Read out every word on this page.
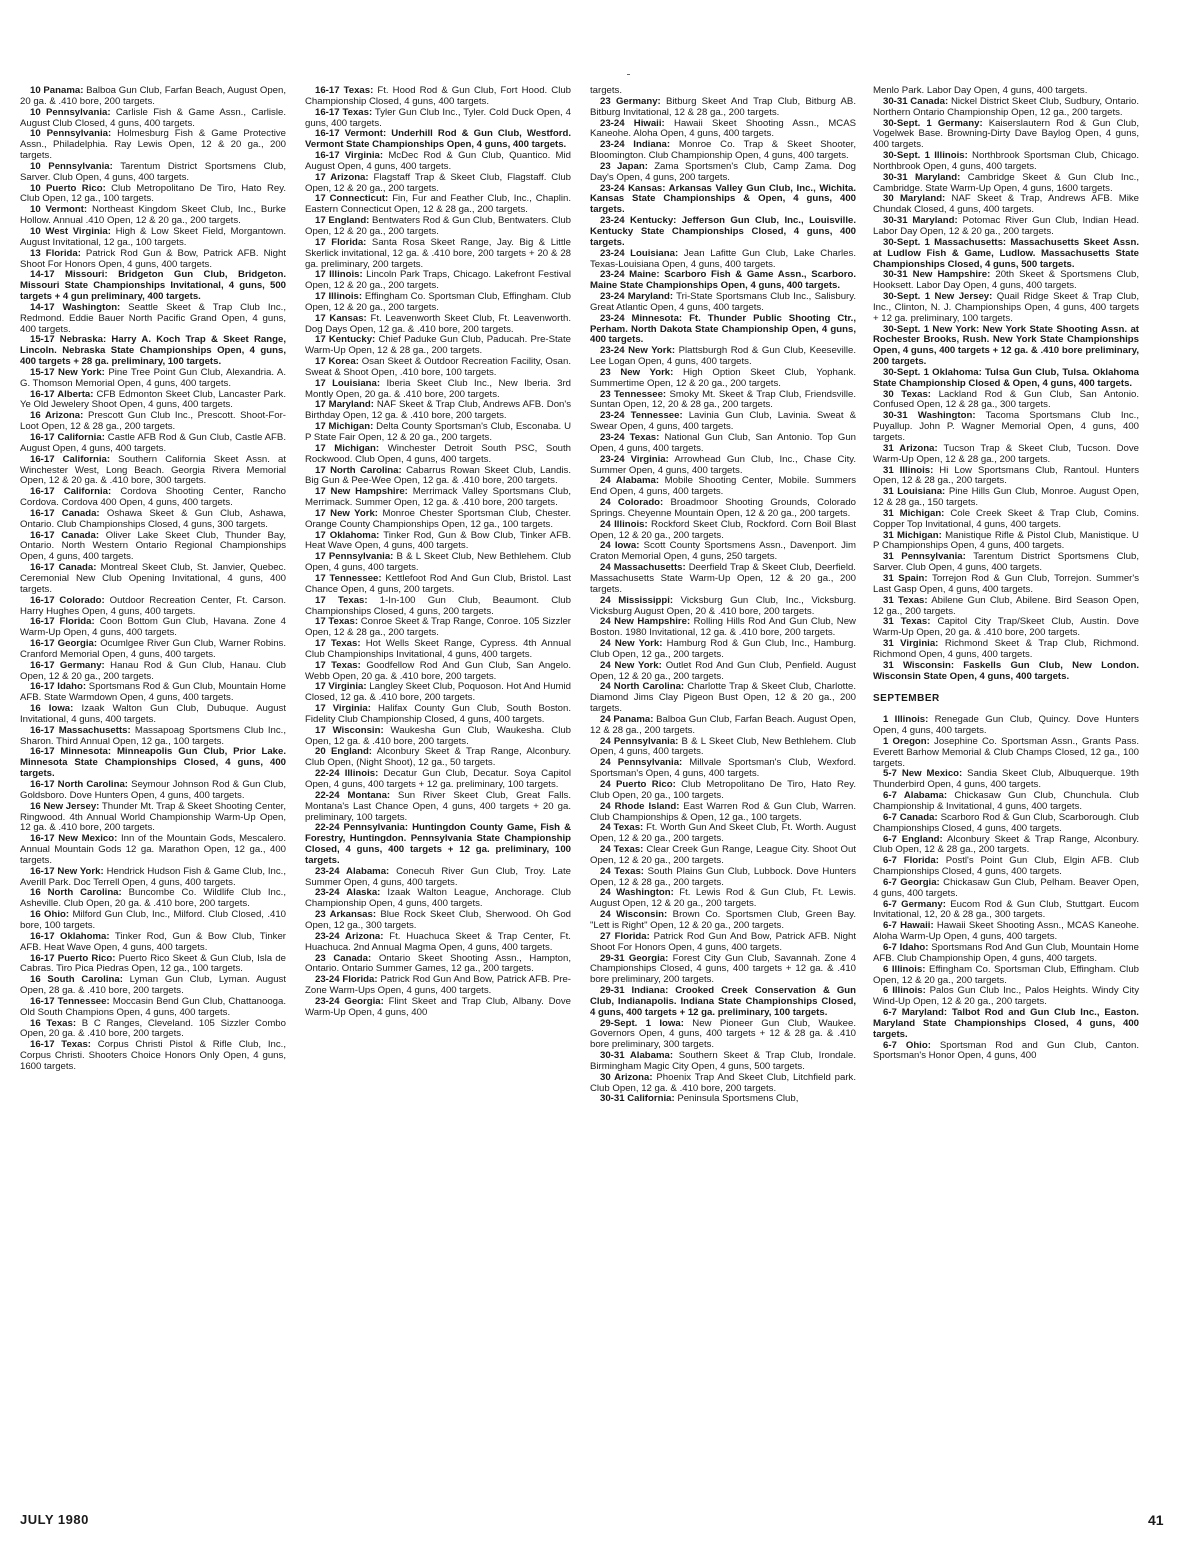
10 Panama: Balboa Gun Club, Farfan Beach, August Open, 20 ga. & .410 bore, 200 targets.

10 Pennsylvania: Carlisle Fish & Game Assn., Carlisle. August Club Closed, 4 guns, 400 targets.

10 Pennsylvania: Holmesburg Fish & Game Protective Assn., Philadelphia. Ray Lewis Open, 12 & 20 ga., 200 targets.

10 Pennsylvania: Tarentum District Sportsmens Club, Sarver. Club Open, 4 guns, 400 targets.

10 Puerto Rico: Club Metropolitano De Tiro, Hato Rey. Club Open, 12 ga., 100 targets.

10 Vermont: Northeast Kingdom Skeet Club, Inc., Burke Hollow. Annual .410 Open, 12 & 20 ga., 200 targets.

10 West Virginia: High & Low Skeet Field, Morgantown. August Invitational, 12 ga., 100 targets.

13 Florida: Patrick Rod Gun & Bow, Patrick AFB. Night Shoot For Honors Open, 4 guns, 400 targets.

14-17 Missouri: Bridgeton Gun Club, Bridgeton. Missouri State Championships Invitational, 4 guns, 500 targets + 4 gun preliminary, 400 targets.

14-17 Washington: Seattle Skeet & Trap Club Inc., Redmond. Eddie Bauer North Pacific Grand Open, 4 guns, 400 targets.

15-17 Nebraska: Harry A. Koch Trap & Skeet Range, Lincoln. Nebraska State Championships Open, 4 guns, 400 targets + 28 ga. preliminary, 100 targets.

15-17 New York: Pine Tree Point Gun Club, Alexandria. A. G. Thomson Memorial Open, 4 guns, 400 targets.

16-17 Alberta: CFB Edmonton Skeet Club, Lancaster Park. Ye Old Jewelery Shoot Open, 4 guns, 400 targets.

16 Arizona: Prescott Gun Club Inc., Prescott. Shoot-For-Loot Open, 12 & 28 ga., 200 targets.

16-17 California: Castle AFB Rod & Gun Club, Castle AFB. August Open, 4 guns, 400 targets.

16-17 California: Southern California Skeet Assn. at Winchester West, Long Beach. Georgia Rivera Memorial Open, 12 & 20 ga. & .410 bore, 300 targets.

16-17 California: Cordova Shooting Center, Rancho Cordova. Cordova 400 Open, 4 guns, 400 targets.

16-17 Canada: Oshawa Skeet & Gun Club, Ashawa, Ontario. Club Championships Closed, 4 guns, 300 targets.

16-17 Canada: Oliver Lake Skeet Club, Thunder Bay, Ontario. North Western Ontario Regional Championships Open, 4 guns, 400 targets.

16-17 Canada: Montreal Skeet Club, St. Janvier, Quebec. Ceremonial New Club Opening Invitational, 4 guns, 400 targets.

16-17 Colorado: Outdoor Recreation Center, Ft. Carson. Harry Hughes Open, 4 guns, 400 targets.

16-17 Florida: Coon Bottom Gun Club, Havana. Zone 4 Warm-Up Open, 4 guns, 400 targets.

16-17 Georgia: Ocumlgee River Gun Club, Warner Robins. Cranford Memorial Open, 4 guns, 400 targets.

16-17 Germany: Hanau Rod & Gun Club, Hanau. Club Open, 12 & 20 ga., 200 targets.

16-17 Idaho: Sportsmans Rod & Gun Club, Mountain Home AFB. State Warmdown Open, 4 guns, 400 targets.

16 Iowa: Izaak Walton Gun Club, Dubuque. August Invitational, 4 guns, 400 targets.

16-17 Massachusetts: Massapoag Sportsmens Club Inc., Sharon. Third Annual Open, 12 ga., 100 targets.

16-17 Minnesota: Minneapolis Gun Club, Prior Lake. Minnesota State Championships Closed, 4 guns, 400 targets.

16-17 North Carolina: Seymour Johnson Rod & Gun Club, Goldsboro. Dove Hunters Open, 4 guns, 400 targets.

16 New Jersey: Thunder Mt. Trap & Skeet Shooting Center, Ringwood. 4th Annual World Championship Warm-Up Open, 12 ga. & .410 bore, 200 targets.

16-17 New Mexico: Inn of the Mountain Gods, Mescalero. Annual Mountain Gods 12 ga. Marathon Open, 12 ga., 400 targets.

16-17 New York: Hendrick Hudson Fish & Game Club, Inc., Averill Park. Doc Terrell Open, 4 guns, 400 targets.

16 North Carolina: Buncombe Co. Wildlife Club Inc., Asheville. Club Open, 20 ga. & .410 bore, 200 targets.

16 Ohio: Milford Gun Club, Inc., Milford. Club Closed, .410 bore, 100 targets.

16-17 Oklahoma: Tinker Rod, Gun & Bow Club, Tinker AFB. Heat Wave Open, 4 guns, 400 targets.

16-17 Puerto Rico: Puerto Rico Skeet & Gun Club, Isla de Cabras. Tiro Pica Piedras Open, 12 ga., 100 targets.

16 South Carolina: Lyman Gun Club, Lyman. August Open, 28 ga. & .410 bore, 200 targets.

16-17 Tennessee: Moccasin Bend Gun Club, Chattanooga. Old South Champions Open, 4 guns, 400 targets.

16 Texas: B C Ranges, Cleveland. 105 Sizzler Combo Open, 20 ga. & .410 bore, 200 targets.

16-17 Texas: Corpus Christi Pistol & Rifle Club, Inc., Corpus Christi. Shooters Choice Honors Only Open, 4 guns, 1600 targets.

16-17 Texas: Ft. Hood Rod & Gun Club, Fort Hood. Club Championship Closed, 4 guns, 400 targets.

16-17 Texas: Tyler Gun Club Inc., Tyler. Cold Duck Open, 4 guns, 400 targets.

16-17 Vermont: Underhill Rod & Gun Club, Westford. Vermont State Championships Open, 4 guns, 400 targets.

16-17 Virginia: McDec Rod & Gun Club, Quantico. Mid August Open, 4 guns, 400 targets.

17 Arizona: Flagstaff Trap & Skeet Club, Flagstaff. Club Open, 12 & 20 ga., 200 targets.

17 Connecticut: Fin, Fur and Feather Club, Inc., Chaplin. Eastern Connecticut Open, 12 & 28 ga., 200 targets.

17 England: Bentwaters Rod & Gun Club, Bentwaters. Club Open, 12 & 20 ga., 200 targets.

17 Florida: Santa Rosa Skeet Range, Jay. Big & Little Skerlick invitational, 12 ga. & .410 bore, 200 targets + 20 & 28 ga. preliminary, 200 targets.

17 Illinois: Lincoln Park Traps, Chicago. Lakefront Festival Open, 12 & 20 ga., 200 targets.

17 Illinois: Effingham Co. Sportsman Club, Effingham. Club Open, 12 & 20 ga., 200 targets.

17 Kansas: Ft. Leavenworth Skeet Club, Ft. Leavenworth. Dog Days Open, 12 ga. & .410 bore, 200 targets.

17 Kentucky: Chief Paduke Gun Club, Paducah. Pre-State Warm-Up Open, 12 & 28 ga., 200 targets.

17 Korea: Osan Skeet & Outdoor Recreation Facility, Osan. Sweat & Shoot Open, .410 bore, 100 targets.

17 Louisiana: Iberia Skeet Club Inc., New Iberia. 3rd Montly Open, 20 ga. & .410 bore, 200 targets.

17 Maryland: NAF Skeet & Trap Club, Andrews AFB. Don's Birthday Open, 12 ga. & .410 bore, 200 targets.

17 Michigan: Delta County Sportsman's Club, Esconaba. U P State Fair Open, 12 & 20 ga., 200 targets.

17 Michigan: Winchester Detroit South PSC, South Rockwood. Club Open, 4 guns, 400 targets.

17 North Carolina: Cabarrus Rowan Skeet Club, Landis. Big Gun & Pee-Wee Open, 12 ga. & .410 bore, 200 targets.

17 New Hampshire: Merrimack Valley Sportsmans Club, Merrimack. Summer Open, 12 ga. & .410 bore, 200 targets.

17 New York: Monroe Chester Sportsman Club, Chester. Orange County Championships Open, 12 ga., 100 targets.

17 Oklahoma: Tinker Rod, Gun & Bow Club, Tinker AFB. Heat Wave Open, 4 guns, 400 targets.

17 Pennsylvania: B & L Skeet Club, New Bethlehem. Club Open, 4 guns, 400 targets.

17 Tennessee: Kettlefoot Rod And Gun Club, Bristol. Last Chance Open, 4 guns, 200 targets.

17 Texas: 1-In-100 Gun Club, Beaumont. Club Championships Closed, 4 guns, 200 targets.

17 Texas: Conroe Skeet & Trap Range, Conroe. 105 Sizzler Open, 12 & 28 ga., 200 targets.

17 Texas: Hot Wells Skeet Range, Cypress. 4th Annual Club Championships Invitational, 4 guns, 400 targets.

17 Texas: Goodfellow Rod And Gun Club, San Angelo. Webb Open, 20 ga. & .410 bore, 200 targets.

17 Virginia: Langley Skeet Club, Poquoson. Hot And Humid Closed, 12 ga. & .410 bore, 200 targets.

17 Virginia: Halifax County Gun Club, South Boston. Fidelity Club Championship Closed, 4 guns, 400 targets.

17 Wisconsin: Waukesha Gun Club, Waukesha. Club Open, 12 ga. & .410 bore, 200 targets.

20 England: Alconbury Skeet & Trap Range, Alconbury. Club Open, (Night Shoot), 12 ga., 50 targets.

22-24 Illinois: Decatur Gun Club, Decatur. Soya Capitol Open, 4 guns, 400 targets + 12 ga. preliminary, 100 targets.

22-24 Montana: Sun River Skeet Club, Great Falls. Montana's Last Chance Open, 4 guns, 400 targets + 20 ga. preliminary, 100 targets.

22-24 Pennsylvania: Huntingdon County Game, Fish & Forestry, Huntingdon. Pennsylvania State Championship Closed, 4 guns, 400 targets + 12 ga. preliminary, 100 targets.

23-24 Alabama: Conecuh River Gun Club, Troy. Late Summer Open, 4 guns, 400 targets.

23-24 Alaska: Izaak Walton League, Anchorage. Club Championship Open, 4 guns, 400 targets.

23 Arkansas: Blue Rock Skeet Club, Sherwood. Oh God Open, 12 ga., 300 targets.

23-24 Arizona: Ft. Huachuca Skeet & Trap Center, Ft. Huachuca. 2nd Annual Magma Open, 4 guns, 400 targets.

23 Canada: Ontario Skeet Shooting Assn., Hampton, Ontario. Ontario Summer Games, 12 ga., 200 targets.

23-24 Florida: Patrick Rod Gun And Bow, Patrick AFB. Pre-Zone Warm-Ups Open, 4 guns, 400 targets.

23-24 Georgia: Flint Skeet and Trap Club, Albany. Dove Warm-Up Open, 4 guns, 400

targets.

23 Germany: Bitburg Skeet And Trap Club, Bitburg AB. Bitburg Invitational, 12 & 28 ga., 200 targets.

23-24 Hiwaii: Hawaii Skeet Shooting Assn., MCAS Kaneohe. Aloha Open, 4 guns, 400 targets.

23-24 Indiana: Monroe Co. Trap & Skeet Shooter, Bloomington. Club Championship Open, 4 guns, 400 targets.

23 Japan: Zama Sportsmen's Club, Camp Zama. Dog Day's Open, 4 guns, 200 targets.

23-24 Kansas: Arkansas Valley Gun Club, Inc., Wichita. Kansas State Championships & Open, 4 guns, 400 targets.

23-24 Kentucky: Jefferson Gun Club, Inc., Louisville. Kentucky State Championships Closed, 4 guns, 400 targets.

23-24 Louisiana: Jean Lafitte Gun Club, Lake Charles. Texas-Louisiana Open, 4 guns, 400 targets.

23-24 Maine: Scarboro Fish & Game Assn., Scarboro. Maine State Championships Open, 4 guns, 400 targets.

23-24 Maryland: Tri-State Sportsmans Club Inc., Salisbury. Great Atlantic Open, 4 guns, 400 targets.

23-24 Minnesota: Ft. Thunder Public Shooting Ctr., Perham. North Dakota State Championship Open, 4 guns, 400 targets.

23-24 New York: Plattsburgh Rod & Gun Club, Keeseville. Lee Logan Open, 4 guns, 400 targets.

23 New York: High Option Skeet Club, Yophank. Summertime Open, 12 & 20 ga., 200 targets.

23 Tennessee: Smoky Mt. Skeet & Trap Club, Friendsville. Suntan Open, 12, 20 & 28 ga., 200 targets.

23-24 Tennessee: Lavinia Gun Club, Lavinia. Sweat & Swear Open, 4 guns, 400 targets.

23-24 Texas: National Gun Club, San Antonio. Top Gun Open, 4 guns, 400 targets.

23-24 Virginia: Arrowhead Gun Club, Inc., Chase City. Summer Open, 4 guns, 400 targets.

24 Alabama: Mobile Shooting Center, Mobile. Summers End Open, 4 guns, 400 targets.

24 Colorado: Broadmoor Shooting Grounds, Colorado Springs. Cheyenne Mountain Open, 12 & 20 ga., 200 targets.

24 Illinois: Rockford Skeet Club, Rockford. Corn Boil Blast Open, 12 & 20 ga., 200 targets.

24 Iowa: Scott County Sportsmens Assn., Davenport. Jim Craton Memorial Open, 4 guns, 250 targets.

24 Massachusetts: Deerfield Trap & Skeet Club, Deerfield. Massachusetts State Warm-Up Open, 12 & 20 ga., 200 targets.

24 Mississippi: Vicksburg Gun Club, Inc., Vicksburg. Vicksburg August Open, 20 & .410 bore, 200 targets.

24 New Hampshire: Rolling Hills Rod And Gun Club, New Boston. 1980 Invitational, 12 ga. & .410 bore, 200 targets.

24 New York: Hamburg Rod & Gun Club, Inc., Hamburg. Club Open, 12 ga., 200 targets.

24 New York: Outlet Rod And Gun Club, Penfield. August Open, 12 & 20 ga., 200 targets.

24 North Carolina: Charlotte Trap & Skeet Club, Charlotte. Diamond Jims Clay Pigeon Bust Open, 12 & 20 ga., 200 targets.

24 Panama: Balboa Gun Club, Farfan Beach. August Open, 12 & 28 ga., 200 targets.

24 Pennsylvania: B & L Skeet Club, New Bethlehem. Club Open, 4 guns, 400 targets.

24 Pennsylvania: Millvale Sportsman's Club, Wexford. Sportsman's Open, 4 guns, 400 targets.

24 Puerto Rico: Club Metropolitano De Tiro, Hato Rey. Club Open, 20 ga., 100 targets.

24 Rhode Island: East Warren Rod & Gun Club, Warren. Club Championships & Open, 12 ga., 100 targets.

24 Texas: Ft. Worth Gun And Skeet Club, Ft. Worth. August Open, 12 & 20 ga., 200 targets.

24 Texas: Clear Creek Gun Range, League City. Shoot Out Open, 12 & 20 ga., 200 targets.

24 Texas: South Plains Gun Club, Lubbock. Dove Hunters Open, 12 & 28 ga., 200 targets.

24 Washington: Ft. Lewis Rod & Gun Club, Ft. Lewis. August Open, 12 & 20 ga., 200 targets.

24 Wisconsin: Brown Co. Sportsmen Club, Green Bay. "Lett is Right" Open, 12 & 20 ga., 200 targets.

27 Florida: Patrick Rod Gun And Bow, Patrick AFB. Night Shoot For Honors Open, 4 guns, 400 targets.

29-31 Georgia: Forest City Gun Club, Savannah. Zone 4 Championships Closed, 4 guns, 400 targets + 12 ga. & .410 bore preliminary, 200 targets.

29-31 Indiana: Crooked Creek Conservation & Gun Club, Indianapolis. Indiana State Championships Closed, 4 guns, 400 targets + 12 ga. preliminary, 100 targets.

29-Sept. 1 Iowa: New Pioneer Gun Club, Waukee. Governors Open, 4 guns, 400 targets + 12 & 28 ga. & .410 bore preliminary, 300 targets.

30-31 Alabama: Southern Skeet & Trap Club, Irondale. Birmingham Magic City Open, 4 guns, 500 targets.

30 Arizona: Phoenix Trap And Skeet Club, Litchfield park. Club Open, 12 ga. & .410 bore, 200 targets.

30-31 California: Peninsula Sportsmens Club,

Menlo Park. Labor Day Open, 4 guns, 400 targets.

30-31 Canada: Nickel District Skeet Club, Sudbury, Ontario. Northern Ontario Championship Open, 12 ga., 200 targets.

30-Sept. 1 Germany: Kaiserslautern Rod & Gun Club, Vogelwek Base. Browning-Dirty Dave Baylog Open, 4 guns, 400 targets.

30-Sept. 1 Illinois: Northbrook Sportsman Club, Chicago. Northbrook Open, 4 guns, 400 targets.

30-31 Maryland: Cambridge Skeet & Gun Club Inc., Cambridge. State Warm-Up Open, 4 guns, 1600 targets.

30 Maryland: NAF Skeet & Trap, Andrews AFB. Mike Chundak Closed, 4 guns, 400 targets.

30-31 Maryland: Potomac River Gun Club, Indian Head. Labor Day Open, 12 & 20 ga., 200 targets.

30-Sept. 1 Massachusetts: Massachusetts Skeet Assn. at Ludlow Fish & Game, Ludlow. Massachusetts State Championships Closed, 4 guns, 500 targets.

30-31 New Hampshire: 20th Skeet & Sportsmens Club, Hooksett. Labor Day Open, 4 guns, 400 targets.

30-Sept. 1 New Jersey: Quail Ridge Skeet & Trap Club, Inc., Clinton, N. J. Championships Open, 4 guns, 400 targets + 12 ga. preliminary, 100 targets.

30-Sept. 1 New York: New York State Shooting Assn. at Rochester Brooks, Rush. New York State Championships Open, 4 guns, 400 targets + 12 ga. & .410 bore preliminary, 200 targets.

30-Sept. 1 Oklahoma: Tulsa Gun Club, Tulsa. Oklahoma State Championship Closed & Open, 4 guns, 400 targets.

30 Texas: Lackland Rod & Gun Club, San Antonio. Confused Open, 12 & 28 ga., 300 targets.

30-31 Washington: Tacoma Sportsmans Club Inc., Puyallup. John P. Wagner Memorial Open, 4 guns, 400 targets.

31 Arizona: Tucson Trap & Skeet Club, Tucson. Dove Warm-Up Open, 12 & 28 ga., 200 targets.

31 Illinois: Hi Low Sportsmans Club, Rantoul. Hunters Open, 12 & 28 ga., 200 targets.

31 Louisiana: Pine Hills Gun Club, Monroe. August Open, 12 & 28 ga., 150 targets.

31 Michigan: Cole Creek Skeet & Trap Club, Comins. Copper Top Invitational, 4 guns, 400 targets.

31 Michigan: Manistique Rifle & Pistol Club, Manistique. U P Championships Open, 4 guns, 400 targets.

31 Pennsylvania: Tarentum District Sportsmens Club, Sarver. Club Open, 4 guns, 400 targets.

31 Spain: Torrejon Rod & Gun Club, Torrejon. Summer's Last Gasp Open, 4 guns, 400 targets.

31 Texas: Abilene Gun Club, Abilene. Bird Season Open, 12 ga., 200 targets.

31 Texas: Capitol City Trap/Skeet Club, Austin. Dove Warm-Up Open, 20 ga. & .410 bore, 200 targets.

31 Virginia: Richmond Skeet & Trap Club, Richmond. Richmond Open, 4 guns, 400 targets.

31 Wisconsin: Faskells Gun Club, New London. Wisconsin State Open, 4 guns, 400 targets.

SEPTEMBER

1 Illinois: Renegade Gun Club, Quincy. Dove Hunters Open, 4 guns, 400 targets.

1 Oregon: Josephine Co. Sportsman Assn., Grants Pass. Everett Barhow Memorial & Club Champs Closed, 12 ga., 100 targets.

5-7 New Mexico: Sandia Skeet Club, Albuquerque. 19th Thunderbird Open, 4 guns, 400 targets.

6-7 Alabama: Chickasaw Gun Club, Chunchula. Club Championship & Invitational, 4 guns, 400 targets.

6-7 Canada: Scarboro Rod & Gun Club, Scarborough. Club Championships Closed, 4 guns, 400 targets.

6-7 England: Alconbury Skeet & Trap Range, Alconbury. Club Open, 12 & 28 ga., 200 targets.

6-7 Florida: Postl's Point Gun Club, Elgin AFB. Club Championships Closed, 4 guns, 400 targets.

6-7 Georgia: Chickasaw Gun Club, Pelham. Beaver Open, 4 guns, 400 targets.

6-7 Germany: Eucom Rod & Gun Club, Stuttgart. Eucom Invitational, 12, 20 & 28 ga., 300 targets.

6-7 Hawaii: Hawaii Skeet Shooting Assn., MCAS Kaneohe. Aloha Warm-Up Open, 4 guns, 400 targets.

6-7 Idaho: Sportsmans Rod And Gun Club, Mountain Home AFB. Club Championship Open, 4 guns, 400 targets.

6 Illinois: Effingham Co. Sportsman Club, Effingham. Club Open, 12 & 20 ga., 200 targets.

6 Illinois: Palos Gun Club Inc., Palos Heights. Windy City Wind-Up Open, 12 & 20 ga., 200 targets.

6-7 Maryland: Talbot Rod and Gun Club Inc., Easton. Maryland State Championships Closed, 4 guns, 400 targets.

6-7 Ohio: Sportsman Rod and Gun Club, Canton. Sportsman's Honor Open, 4 guns, 400

JULY 1980	41
